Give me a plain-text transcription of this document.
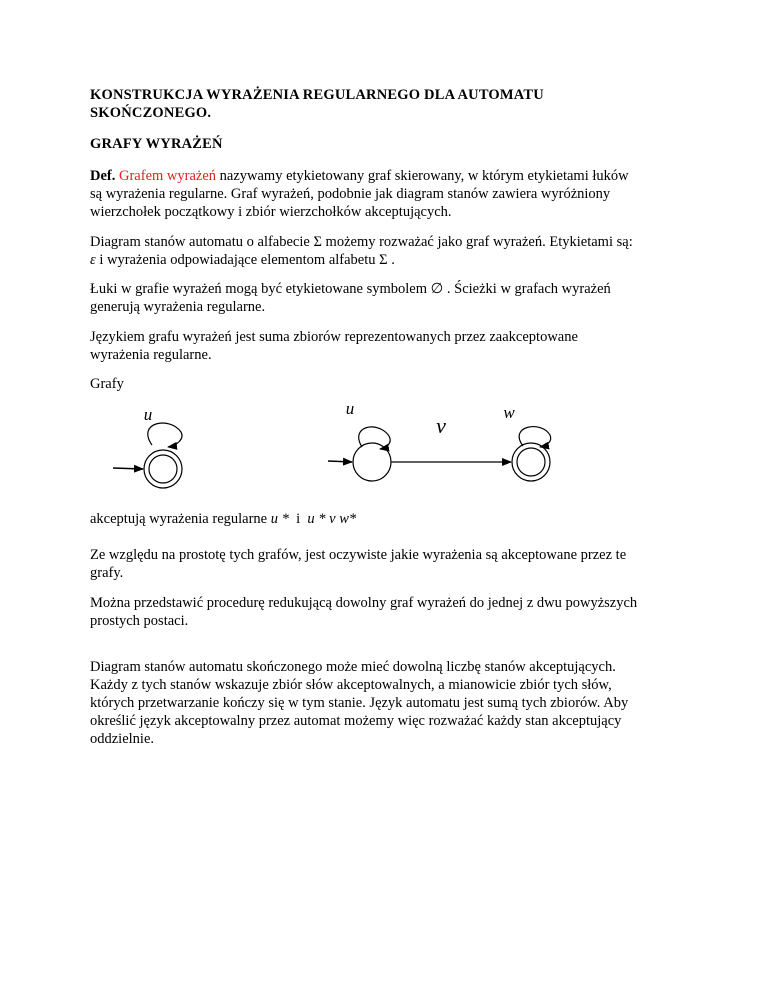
KONSTRUKCJA WYRAŻENIA REGULARNEGO DLA AUTOMATU
SKOŃCZONEGO.
GRAFY WYRAŻEŃ
Def. Grafem wyrażeń nazywamy etykietowany graf skierowany, w którym etykietami łuków
są wyrażenia regularne. Graf wyrażeń, podobnie jak diagram stanów zawiera wyróżniony
wierzchołek początkowy i zbiór wierzchołków akceptujących.
Diagram stanów automatu o alfabecie Σ możemy rozważać jako graf wyrażeń. Etykietami są:
ε i wyrażenia odpowiadające elementom alfabetu Σ .
Łuki w grafie wyrażeń mogą być etykietowane symbolem ∅ . Ścieżki w grafach wyrażeń
generują wyrażenia regularne.
Językiem grafu wyrażeń jest suma zbiorów reprezentowanych przez zaakceptowane
wyrażenia regularne.
Grafy
u	u
v
w
akceptują wyrażenia regularne u *  i  u * v w*
Ze względu na prostotę tych grafów, jest oczywiste jakie wyrażenia są akceptowane przez te
grafy.
Można przedstawić procedurę redukującą dowolny graf wyrażeń do jednej z dwu powyższych
prostych postaci.
Diagram stanów automatu skończonego może mieć dowolną liczbę stanów akceptujących.
Każdy z tych stanów wskazuje zbiór słów akceptowalnych, a mianowicie zbiór tych słów,
których przetwarzanie kończy się w tym stanie. Język automatu jest sumą tych zbiorów. Aby
określić język akceptowalny przez automat możemy więc rozważać każdy stan akceptujący
oddzielnie.
